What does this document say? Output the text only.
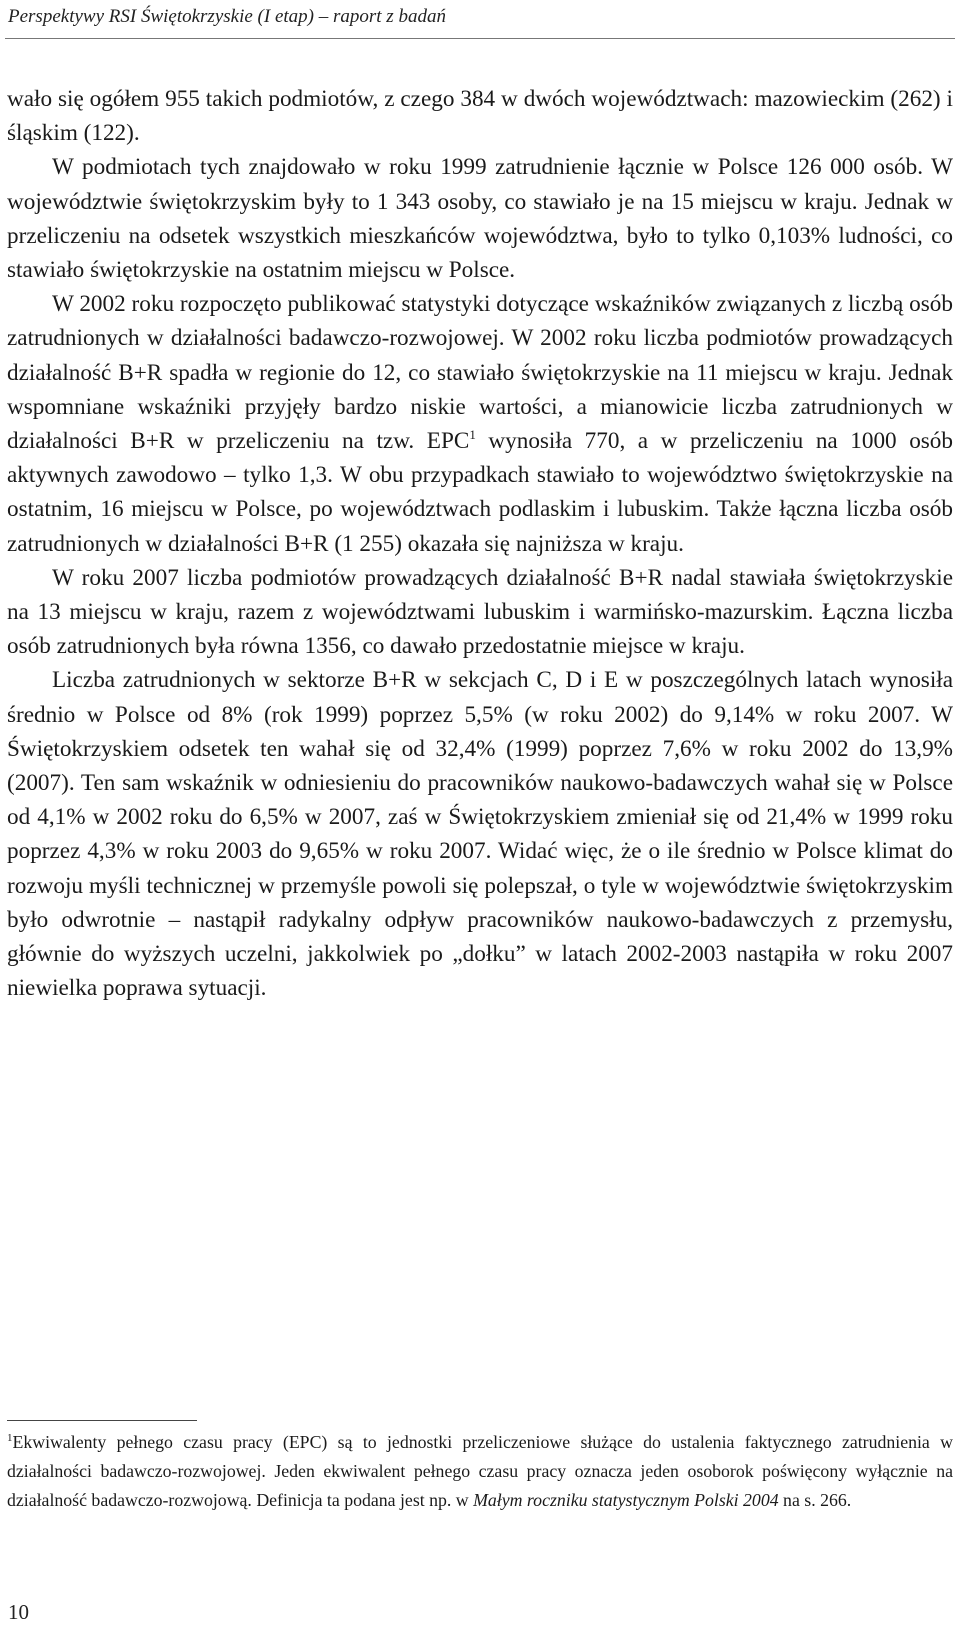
Perspektywy RSI Świętokrzyskie (I etap) – raport z badań

wało się ogółem 955 takich podmiotów, z czego 384 w dwóch województwach: mazowieckim (262) i śląskim (122).

W podmiotach tych znajdowało w roku 1999 zatrudnienie łącznie w Polsce 126 000 osób. W województwie świętokrzyskim były to 1 343 osoby, co stawiało je na 15 miejscu w kraju. Jednak w przeliczeniu na odsetek wszystkich mieszkańców województwa, było to tylko 0,103% ludności, co stawiało świętokrzyskie na ostatnim miejscu w Polsce.

W 2002 roku rozpoczęto publikować statystyki dotyczące wskaźników związanych z liczbą osób zatrudnionych w działalności badawczo-rozwojowej. W 2002 roku liczba podmiotów prowadzących działalność B+R spadła w regionie do 12, co stawiało świętokrzyskie na 11 miejscu w kraju. Jednak wspomniane wskaźniki przyjęły bardzo niskie wartości, a mianowicie liczba zatrudnionych w działalności B+R w przeliczeniu na tzw. EPC$^1$ wynosiła 770, a w przeliczeniu na 1000 osób aktywnych zawodowo – tylko 1,3. W obu przypadkach stawiało to województwo świętokrzyskie na ostatnim, 16 miejscu w Polsce, po województwach podlaskim i lubuskim. Także łączna liczba osób zatrudnionych w działalności B+R (1 255) okazała się najniższa w kraju.

W roku 2007 liczba podmiotów prowadzących działalność B+R nadal stawiała świętokrzyskie na 13 miejscu w kraju, razem z województwami lubuskim i warmińsko-mazurskim. Łączna liczba osób zatrudnionych była równa 1356, co dawało przedostatnie miejsce w kraju.

Liczba zatrudnionych w sektorze B+R w sekcjach C, D i E w poszczególnych latach wynosiła średnio w Polsce od 8% (rok 1999) poprzez 5,5% (w roku 2002) do 9,14% w roku 2007. W Świętokrzyskiem odsetek ten wahał się od 32,4% (1999) poprzez 7,6% w roku 2002 do 13,9% (2007). Ten sam wskaźnik w odniesieniu do pracowników naukowo-badawczych wahał się w Polsce od 4,1% w 2002 roku do 6,5% w 2007, zaś w Świętokrzyskiem zmieniał się od 21,4% w 1999 roku poprzez 4,3% w roku 2003 do 9,65% w roku 2007. Widać więc, że o ile średnio w Polsce klimat do rozwoju myśli technicznej w przemyśle powoli się polepszał, o tyle w województwie świętokrzyskim było odwrotnie – nastąpił radykalny odpływ pracowników naukowo-badawczych z przemysłu, głównie do wyższych uczelni, jakkolwiek po „dołku” w latach 2002-2003 nastąpiła w roku 2007 niewielka poprawa sytuacji.

$^1$Ekwiwalenty pełnego czasu pracy (EPC) są to jednostki przeliczeniowe służące do ustalenia faktycznego zatrudnienia w działalności badawczo-rozwojowej. Jeden ekwiwalent pełnego czasu pracy oznacza jeden osoborok poświęcony wyłącznie na działalność badawczo-rozwojową. Definicja ta podana jest np. w Małym roczniku statystycznym Polski 2004 na s. 266.

10
